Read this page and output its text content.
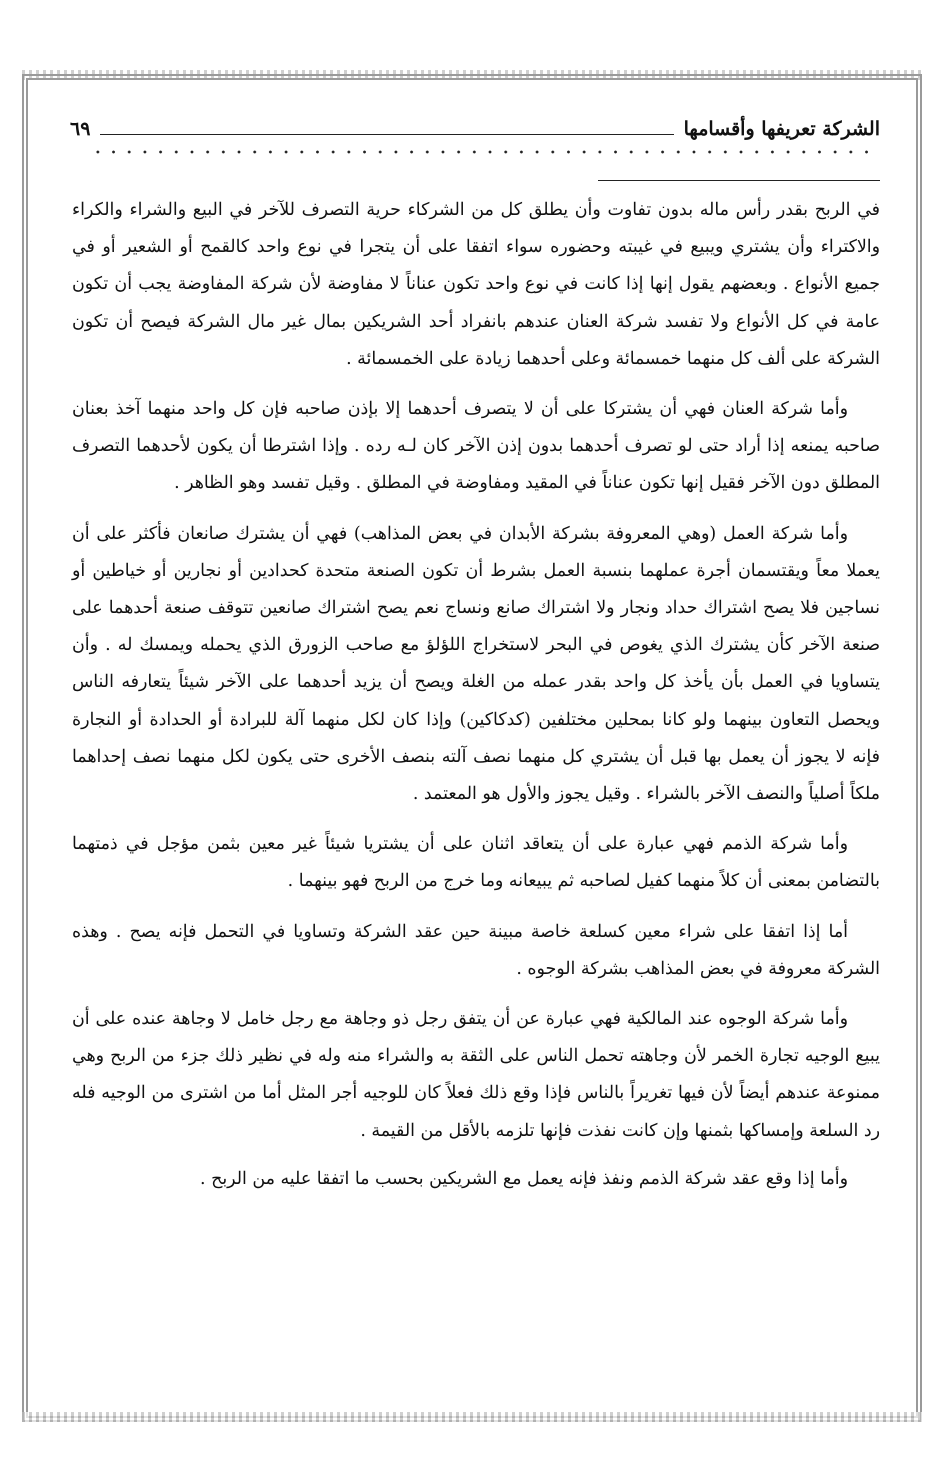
الشركة تعريفها وأقسامها
٦٩

في الربح بقدر رأس ماله بدون تفاوت وأن يطلق كل من الشركاء حرية التصرف للآخر في البيع والشراء والكراء والاكتراء وأن يشتري ويبيع في غيبته وحضوره سواء اتفقا على أن يتجرا في نوع واحد كالقمح أو الشعير أو في جميع الأنواع . وبعضهم يقول إنها إذا كانت في نوع واحد تكون عناناً لا مفاوضة لأن شركة المفاوضة يجب أن تكون عامة في كل الأنواع ولا تفسد شركة العنان عندهم بانفراد أحد الشريكين بمال غير مال الشركة فيصح أن تكون الشركة على ألف كل منهما خمسمائة وعلى أحدهما زيادة على الخمسمائة .

وأما شركة العنان فهي أن يشتركا على أن لا يتصرف أحدهما إلا بإذن صاحبه فإن كل واحد منهما آخذ بعنان صاحبه يمنعه إذا أراد حتى لو تصرف أحدهما بدون إذن الآخر كان لـه رده . وإذا اشترطا أن يكون لأحدهما التصرف المطلق دون الآخر فقيل إنها تكون عناناً في المقيد ومفاوضة في المطلق . وقيل تفسد وهو الظاهر .

وأما شركة العمل (وهي المعروفة بشركة الأبدان في بعض المذاهب) فهي أن يشترك صانعان فأكثر على أن يعملا معاً ويقتسمان أجرة عملهما بنسبة العمل بشرط أن تكون الصنعة متحدة كحدادين أو نجارين أو خياطين أو نساجين فلا يصح اشتراك حداد ونجار ولا اشتراك صانع ونساج نعم يصح اشتراك صانعين تتوقف صنعة أحدهما على صنعة الآخر كأن يشترك الذي يغوص في البحر لاستخراج اللؤلؤ مع صاحب الزورق الذي يحمله ويمسك له . وأن يتساويا في العمل بأن يأخذ كل واحد بقدر عمله من الغلة ويصح أن يزيد أحدهما على الآخر شيئاً يتعارفه الناس ويحصل التعاون بينهما ولو كانا بمحلين مختلفين (كدكاكين) وإذا كان لكل منهما آلة للبرادة أو الحدادة أو النجارة فإنه لا يجوز أن يعمل بها قبل أن يشتري كل منهما نصف آلته بنصف الأخرى حتى يكون لكل منهما نصف إحداهما ملكاً أصلياً والنصف الآخر بالشراء . وقيل يجوز والأول هو المعتمد .

وأما شركة الذمم فهي عبارة على أن يتعاقد اثنان على أن يشتريا شيئاً غير معين بثمن مؤجل في ذمتهما بالتضامن بمعنى أن كلاً منهما كفيل لصاحبه ثم يبيعانه وما خرج من الربح فهو بينهما .

أما إذا اتفقا على شراء معين كسلعة خاصة مبينة حين عقد الشركة وتساويا في التحمل فإنه يصح . وهذه الشركة معروفة في بعض المذاهب بشركة الوجوه .

وأما شركة الوجوه عند المالكية فهي عبارة عن أن يتفق رجل ذو وجاهة مع رجل خامل لا وجاهة عنده على أن يبيع الوجيه تجارة الخمر لأن وجاهته تحمل الناس على الثقة به والشراء منه وله في نظير ذلك جزء من الربح وهي ممنوعة عندهم أيضاً لأن فيها تغريراً بالناس فإذا وقع ذلك فعلاً كان للوجيه أجر المثل أما من اشترى من الوجيه فله رد السلعة وإمساكها بثمنها وإن كانت نفذت فإنها تلزمه بالأقل من القيمة .

وأما إذا وقع عقد شركة الذمم ونفذ فإنه يعمل مع الشريكين بحسب ما اتفقا عليه من الربح .
